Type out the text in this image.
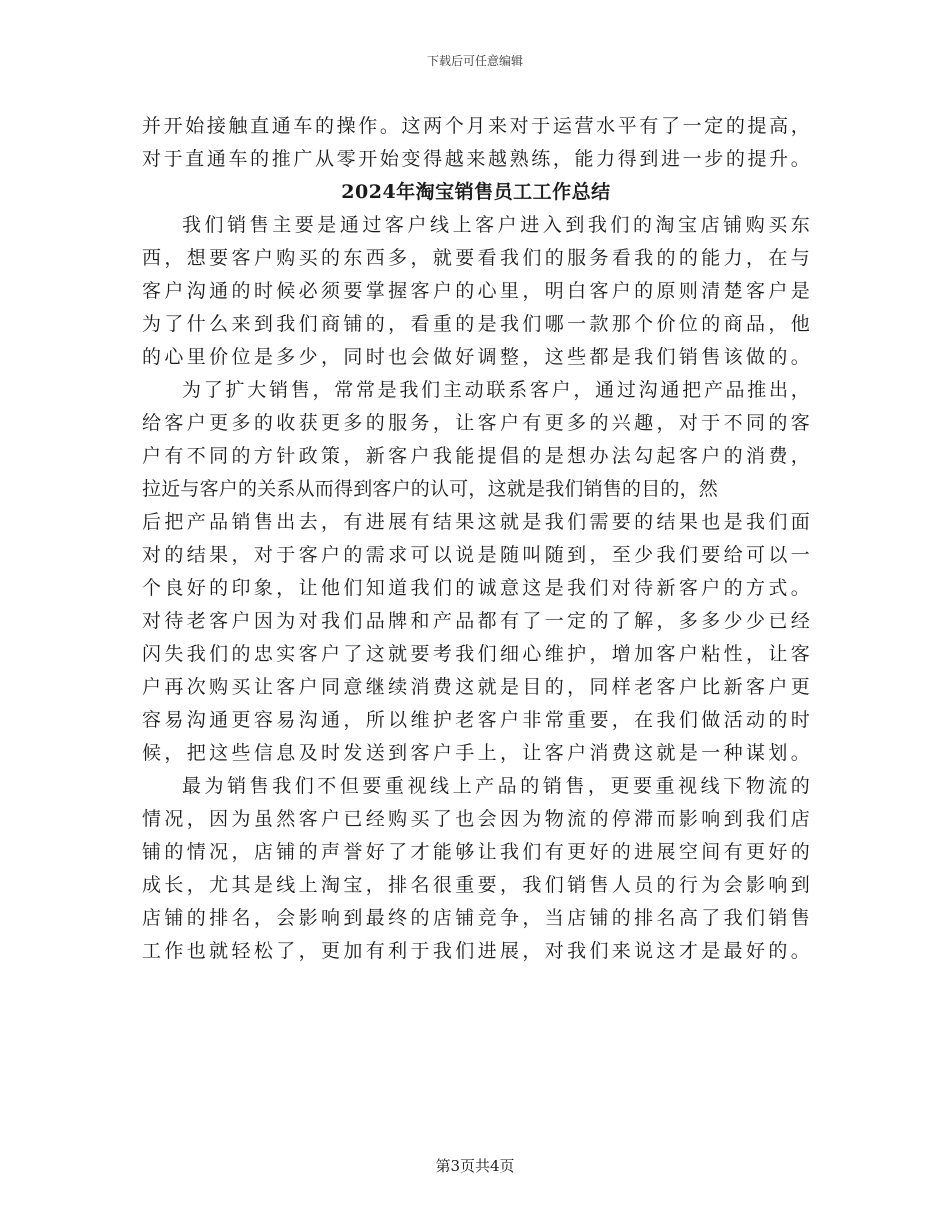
下载后可任意编辑
并开始接触直通车的操作。这两个月来对于运营水平有了一定的提高，
对于直通车的推广从零开始变得越来越熟练，能力得到进一步的提升。
2024年淘宝销售员工工作总结
我们销售主要是通过客户线上客户进入到我们的淘宝店铺购买东
西，想要客户购买的东西多，就要看我们的服务看我的的能力，在与
客户沟通的时候必须要掌握客户的心里，明白客户的原则清楚客户是
为了什么来到我们商铺的，看重的是我们哪一款那个价位的商品，他
的心里价位是多少，同时也会做好调整，这些都是我们销售该做的。
为了扩大销售，常常是我们主动联系客户，通过沟通把产品推出，
给客户更多的收获更多的服务，让客户有更多的兴趣，对于不同的客
户有不同的方针政策，新客户我能提倡的是想办法勾起客户的消费，
拉近与客户的关系从而得到客户的认可，这就是我们销售的目的，然
后把产品销售出去，有进展有结果这就是我们需要的结果也是我们面
对的结果，对于客户的需求可以说是随叫随到，至少我们要给可以一
个良好的印象，让他们知道我们的诚意这是我们对待新客户的方式。
对待老客户因为对我们品牌和产品都有了一定的了解，多多少少已经
闪失我们的忠实客户了这就要考我们细心维护，增加客户粘性，让客
户再次购买让客户同意继续消费这就是目的，同样老客户比新客户更
容易沟通更容易沟通，所以维护老客户非常重要，在我们做活动的时
候，把这些信息及时发送到客户手上，让客户消费这就是一种谋划。
最为销售我们不但要重视线上产品的销售，更要重视线下物流的
情况，因为虽然客户已经购买了也会因为物流的停滞而影响到我们店
铺的情况，店铺的声誉好了才能够让我们有更好的进展空间有更好的
成长，尤其是线上淘宝，排名很重要，我们销售人员的行为会影响到
店铺的排名，会影响到最终的店铺竞争，当店铺的排名高了我们销售
工作也就轻松了，更加有利于我们进展，对我们来说这才是最好的。
第3页共4页
